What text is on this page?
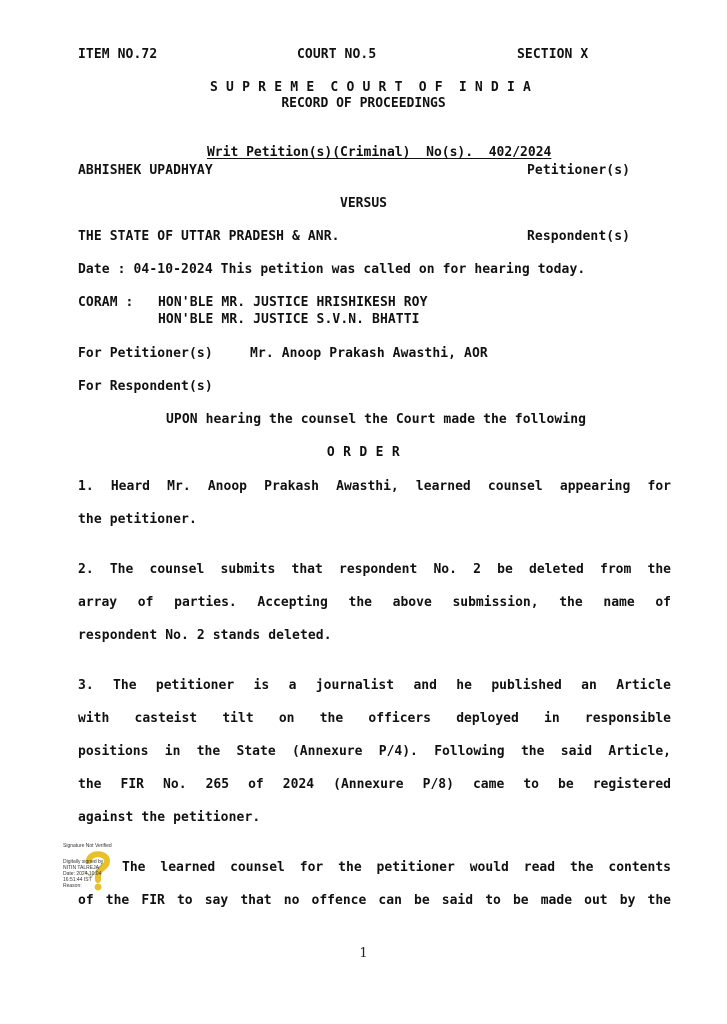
ITEM NO.72	COURT NO.5	SECTION X
S U P R E M E  C O U R T  O F  I N D I A
RECORD OF PROCEEDINGS

Writ Petition(s)(Criminal)  No(s).  402/2024

ABHISHEK UPADHYAY	Petitioner(s)
VERSUS
THE STATE OF UTTAR PRADESH & ANR.	Respondent(s)
Date : 04-10-2024 This petition was called on for hearing today.
CORAM : HON'BLE MR. JUSTICE HRISHIKESH ROY
HON'BLE MR. JUSTICE S.V.N. BHATTI
For Petitioner(s)	Mr. Anoop Prakash Awasthi, AOR
For Respondent(s)
UPON hearing the counsel the Court made the following
O R D E R
1. Heard Mr. Anoop Prakash Awasthi, learned counsel appearing for
the petitioner.
2. The counsel submits that respondent No. 2 be deleted from the
array of parties. Accepting the above submission, the name of
respondent No. 2 stands deleted.
3. The petitioner is a journalist and he published an Article
with casteist tilt on the officers deployed in responsible
positions in the State (Annexure P/4). Following the said Article,
the FIR No. 265 of 2024 (Annexure P/8) came to be registered
against the petitioner.
The learned counsel for the petitioner would read the contents
of the FIR to say that no offence can be said to be made out by the
Signature Not Verified
Digitally signed by
NITIN TALREJA
Date: 2024.10.04
16:51:44 IST
Reason:
1
